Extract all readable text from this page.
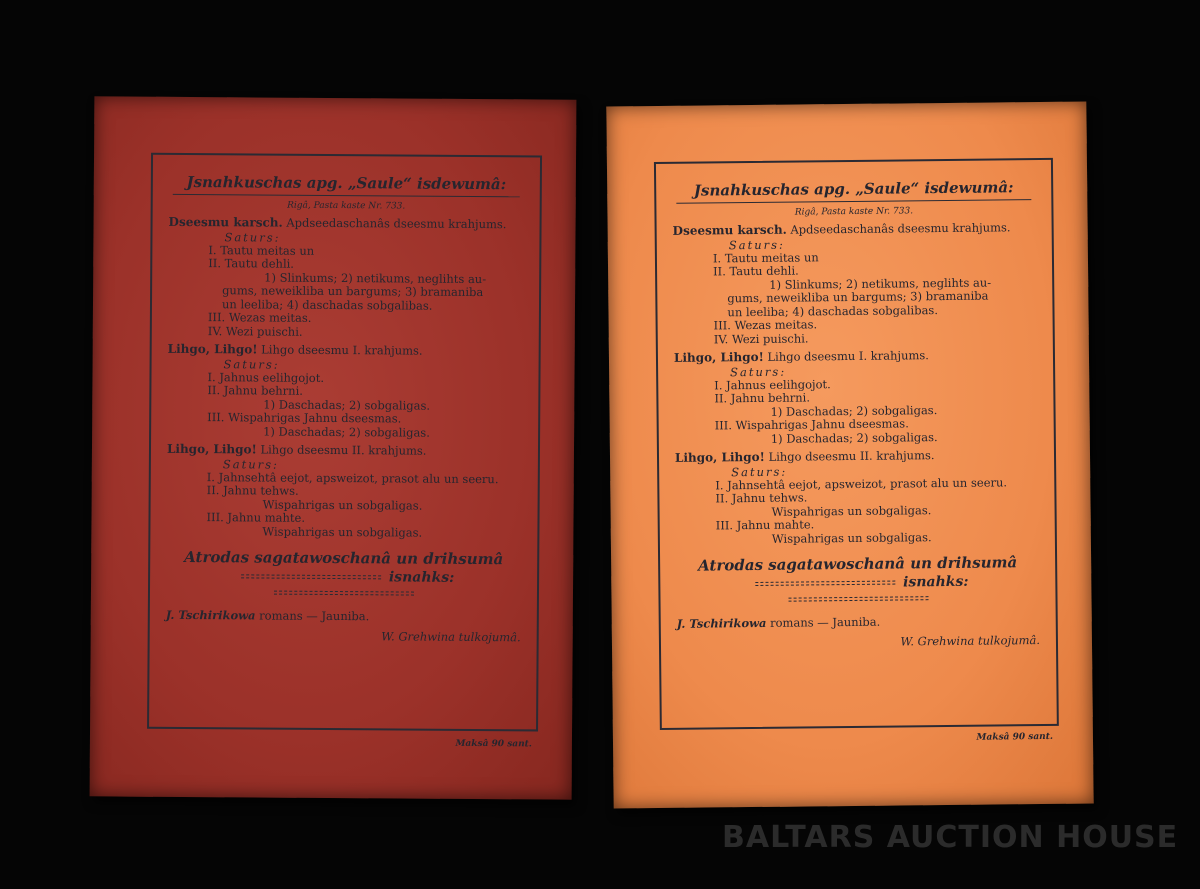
Jsnahkuschas apg. „Saule“ isdewumâ:
Rigâ, Pasta kaste Nr. 733.
Dseesmu karsch. Apdseedaschanâs dseesmu krahjums.
Saturs:
I. Tautu meitas un
II. Tautu dehli.
1) Slinkums; 2) netikums, neglihts au-
gums, neweikliba un bargums; 3) bramaniba
un leeliba; 4) daschadas sobgalibas.
III. Wezas meitas.
IV. Wezi puischi.
Lihgo, Lihgo! Lihgo dseesmu I. krahjums.
Saturs:
I. Jahnus eelihgojot.
II. Jahnu behrni.
1) Daschadas; 2) sobgaligas.
III. Wispahrigas Jahnu dseesmas.
1) Daschadas; 2) sobgaligas.
Lihgo, Lihgo! Lihgo dseesmu II. krahjums.
Saturs:
I. Jahnsehtâ eejot, apsweizot, prasot alu un seeru.
II. Jahnu tehws.
Wispahrigas un sobgaligas.
III. Jahnu mahte.
Wispahrigas un sobgaligas.
Atrodas sagatawoschanâ un drihsumâ
isnahks:
J. Tschirikowa romans — Jauniba.
W. Grehwina tulkojumâ.
Maksâ 90 sant.
Jsnahkuschas apg. „Saule“ isdewumâ:
Rigâ, Pasta kaste Nr. 733.
Dseesmu karsch. Apdseedaschanâs dseesmu krahjums.
Saturs:
I. Tautu meitas un
II. Tautu dehli.
1) Slinkums; 2) netikums, neglihts au-
gums, neweikliba un bargums; 3) bramaniba
un leeliba; 4) daschadas sobgalibas.
III. Wezas meitas.
IV. Wezi puischi.
Lihgo, Lihgo! Lihgo dseesmu I. krahjums.
Saturs:
I. Jahnus eelihgojot.
II. Jahnu behrni.
1) Daschadas; 2) sobgaligas.
III. Wispahrigas Jahnu dseesmas.
1) Daschadas; 2) sobgaligas.
Lihgo, Lihgo! Lihgo dseesmu II. krahjums.
Saturs:
I. Jahnsehtâ eejot, apsweizot, prasot alu un seeru.
II. Jahnu tehws.
Wispahrigas un sobgaligas.
III. Jahnu mahte.
Wispahrigas un sobgaligas.
Atrodas sagatawoschanâ un drihsumâ
isnahks:
J. Tschirikowa romans — Jauniba.
W. Grehwina tulkojumâ.
Maksâ 90 sant.
BALTARS AUCTION HOUSE
